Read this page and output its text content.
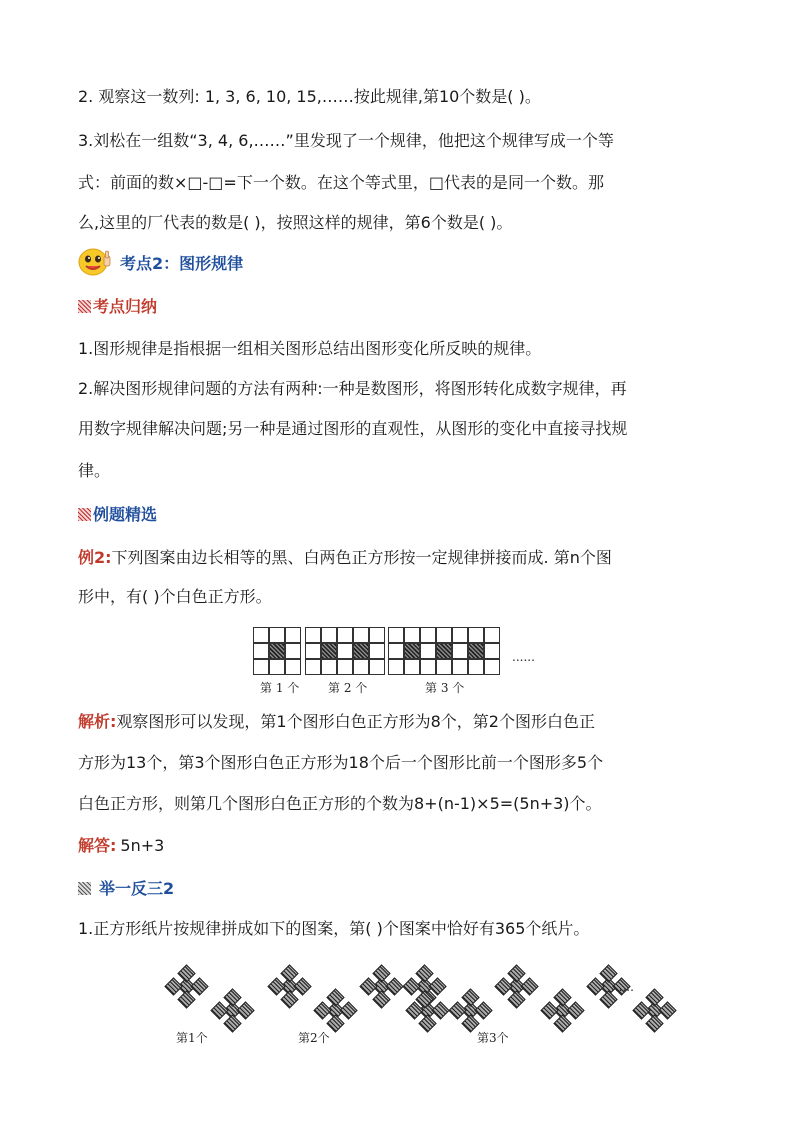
2. 观察这一数列: 1, 3, 6, 10, 15,……按此规律,第10个数是( )。
3.刘松在一组数“3, 4, 6,……”里发现了一个规律，他把这个规律写成一个等
式：前面的数×□-□=下一个数。在这个等式里，□代表的是同一个数。那
么,这里的厂代表的数是( )，按照这样的规律，第6个数是( )。
考点2：图形规律
考点归纳
1.图形规律是指根据一组相关图形总结出图形变化所反映的规律。
2.解决图形规律问题的方法有两种:一种是数图形，将图形转化成数字规律，再
用数字规律解决问题;另一种是通过图形的直观性，从图形的变化中直接寻找规
律。
例题精选
例2:下列图案由边长相等的黑、白两色正方形按一定规律拼接而成. 第n个图
形中，有( )个白色正方形。
第 1 个 第 2 个	第 3 个
......
解析:观察图形可以发现，第1个图形白色正方形为8个，第2个图形白色正
方形为13个，第3个图形白色正方形为18个后一个图形比前一个图形多5个
白色正方形，则第几个图形白色正方形的个数为8+(n-1)×5=(5n+3)个。
解答: 5n+3
举一反三2
1.正方形纸片按规律拼成如下的图案，第( )个图案中恰好有365个纸片。
第1个	第2个	第3个
......
